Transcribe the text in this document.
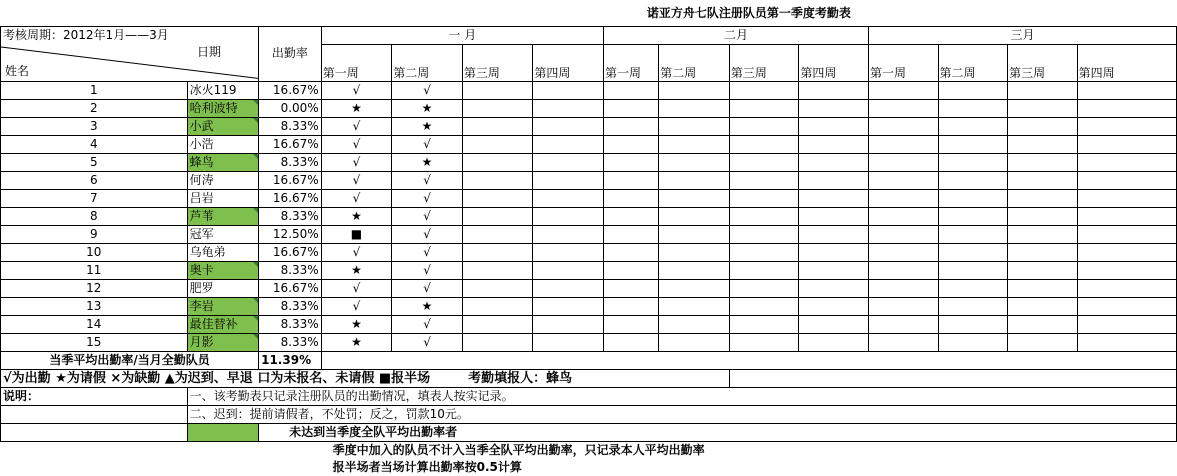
			诺亚方舟七队注册队员第一季度考勤表											
考核周期：2012年1月——3月		出勤率	一 月				二月				三月			

日期
姓名			第一周	第二周	第三周	第四周	第一周	第二周	第三周	第四周	第一周	第二周	第三周	第四周

1	冰火119	16.67%	√	√										
2	哈利波特	0.00%	★	★										
3	小武	8.33%	√	★										
4	小浩	16.67%	√	√										
5	蜂鸟	8.33%	√	★										
6	何涛	16.67%	√	√										
7	吕岩	16.67%	√	√										
8	芦苇	8.33%	★	√										
9	冠军	12.50%	■	√										
10	乌龟弟	16.67%	√	√										
11	奥卡	8.33%	★	√										
12	肥罗	16.67%	√	√										
13	李岩	8.33%	√	★										
14	最佳替补	8.33%	★	√										
15	月影	8.33%	★	√										
当季平均出勤率/当月全勤队员		11.39%												
√为出勤 ★为请假 ×为缺勤 ▲为迟到、早退 口为未报名、未请假 ■报半场 考勤填报人：蜂鸟														
说明：	一、该考勤表只记录注册队员的出勤情况，填表人按实记录。													
	二、迟到：提前请假者，不处罚；反之，罚款10元。													
		未达到当季度全队平均出勤率者												
		季度中加入的队员不计入当季全队平均出勤率，只记录本人平均出勤率												
		报半场者当场计算出勤率按0.5计算												
